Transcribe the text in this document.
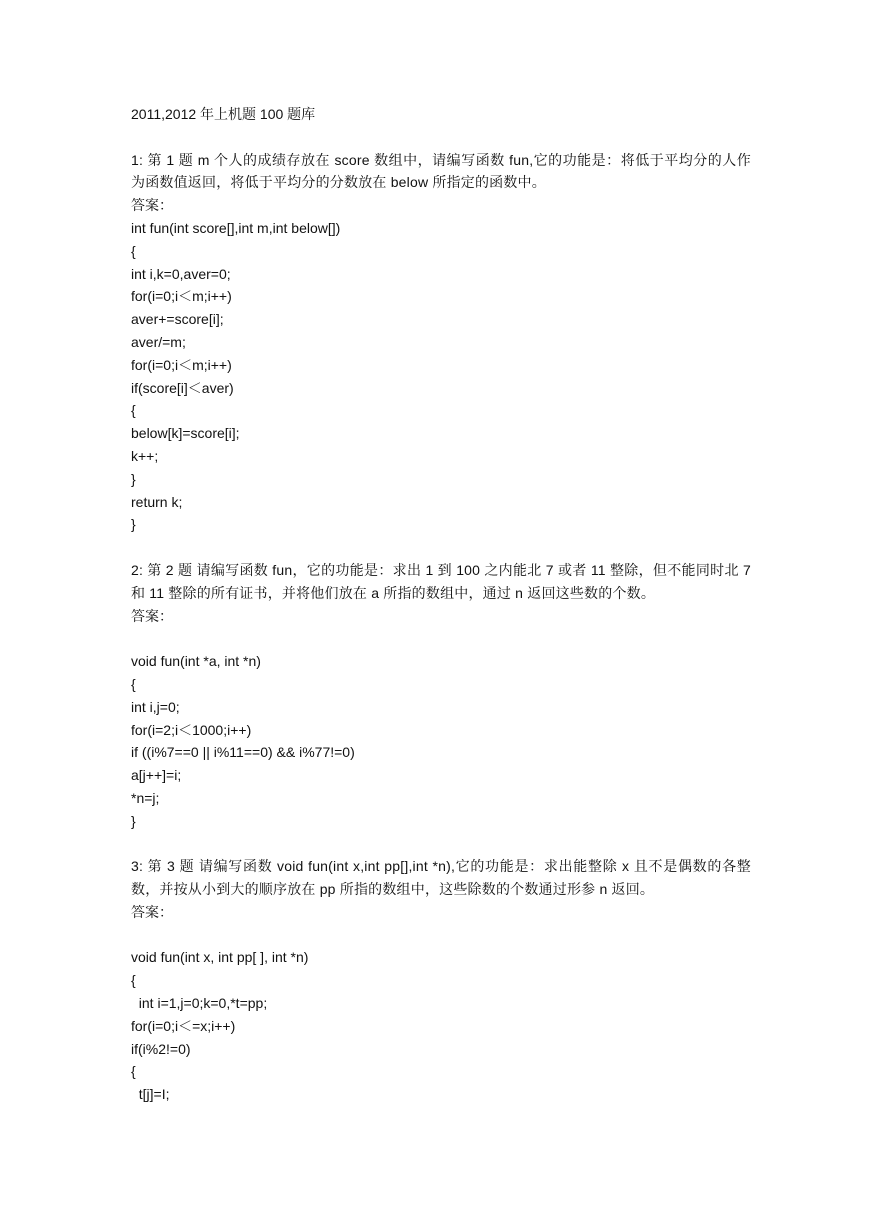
2011,2012 年上机题 100 题库
1: 第 1 题 m 个人的成绩存放在 score 数组中，请编写函数 fun,它的功能是：将低于平均分的人作为函数值返回，将低于平均分的分数放在 below 所指定的函数中。
答案：
int fun(int score[],int m,int below[])
{
int i,k=0,aver=0;
for(i=0;i＜m;i++)
aver+=score[i];
aver/=m;
for(i=0;i＜m;i++)
if(score[i]＜aver)
{
below[k]=score[i];
k++;
}
return k;
}
2: 第 2 题 请编写函数 fun，它的功能是：求出 1 到 100 之内能北 7 或者 11 整除，但不能同时北 7 和 11 整除的所有证书，并将他们放在 a 所指的数组中，通过 n 返回这些数的个数。
答案：
void fun(int *a, int *n)
{
int i,j=0;
for(i=2;i＜1000;i++)
if ((i%7==0 || i%11==0) && i%77!=0)
a[j++]=i;
*n=j;
}
3: 第 3 题 请编写函数 void fun(int x,int pp[],int *n),它的功能是：求出能整除 x 且不是偶数的各整数，并按从小到大的顺序放在 pp 所指的数组中，这些除数的个数通过形参 n 返回。
答案：
void fun(int x, int pp[ ], int *n)
{
int i=1,j=0;k=0,*t=pp;
for(i=0;i＜=x;i++)
if(i%2!=0)
{
t[j]=I;
